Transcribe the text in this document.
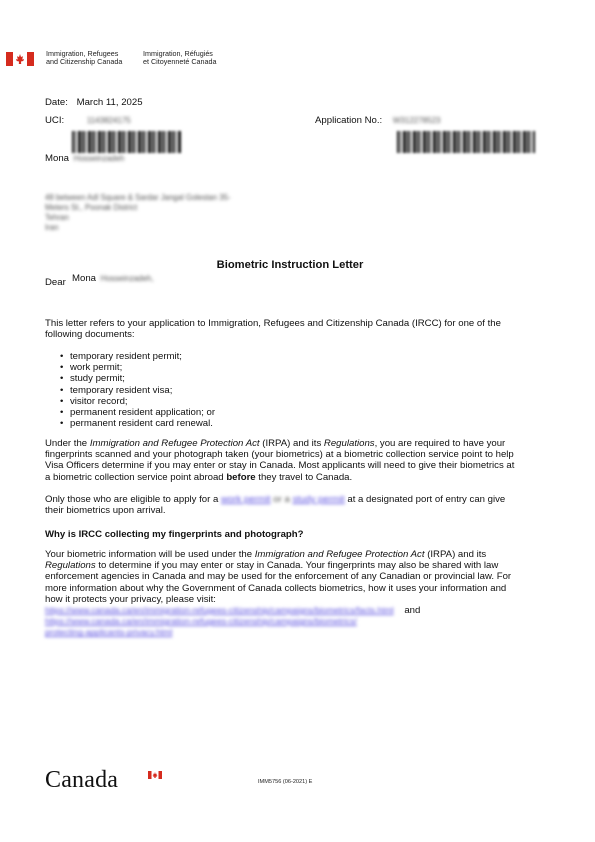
Immigration, Refugees
and Citizenship Canada
Immigration, Réfugiés
et Citoyenneté Canada
Date: March 11, 2025
UCI:	1143824175	Application No.: W312278523
Mona Hosseinzadeh
48 between Adl Square & Sardar Jangal Golestan 35-
Meters St., Poonak District
Tehran
Iran
Biometric Instruction Letter
Dear Mona Hosseinzadeh,
This letter refers to your application to Immigration, Refugees and Citizenship Canada (IRCC) for one of the
following documents:
• temporary resident permit;
• work permit;
• study permit;
• temporary resident visa;
• visitor record;
• permanent resident application; or
• permanent resident card renewal.
Under the Immigration and Refugee Protection Act (IRPA) and its Regulations, you are required to have your
fingerprints scanned and your photograph taken (your biometrics) at a biometric collection service point to help
Visa Officers determine if you may enter or stay in Canada. Most applicants will need to give their biometrics at
a biometric collection service point abroad before they travel to Canada.
Only those who are eligible to apply for a work permit or a study permit at a designated port of entry can give
their biometrics upon arrival.
Why is IRCC collecting my fingerprints and photograph?
Your biometric information will be used under the Immigration and Refugee Protection Act (IRPA) and its
Regulations to determine if you may enter or stay in Canada. Your fingerprints may also be shared with law
enforcement agencies in Canada and may be used for the enforcement of any Canadian or provincial law. For
more information about why the Government of Canada collects biometrics, how it uses your information and
how it protects your privacy, please visit:
https://www.canada.ca/en/immigration-refugees-citizenship/campaigns/biometrics/facts.html and
https://www.canada.ca/en/immigration-refugees-citizenship/campaigns/biometrics/
protecting-applicants-privacy.html
Canada	IMM5756 (06-2021) E
